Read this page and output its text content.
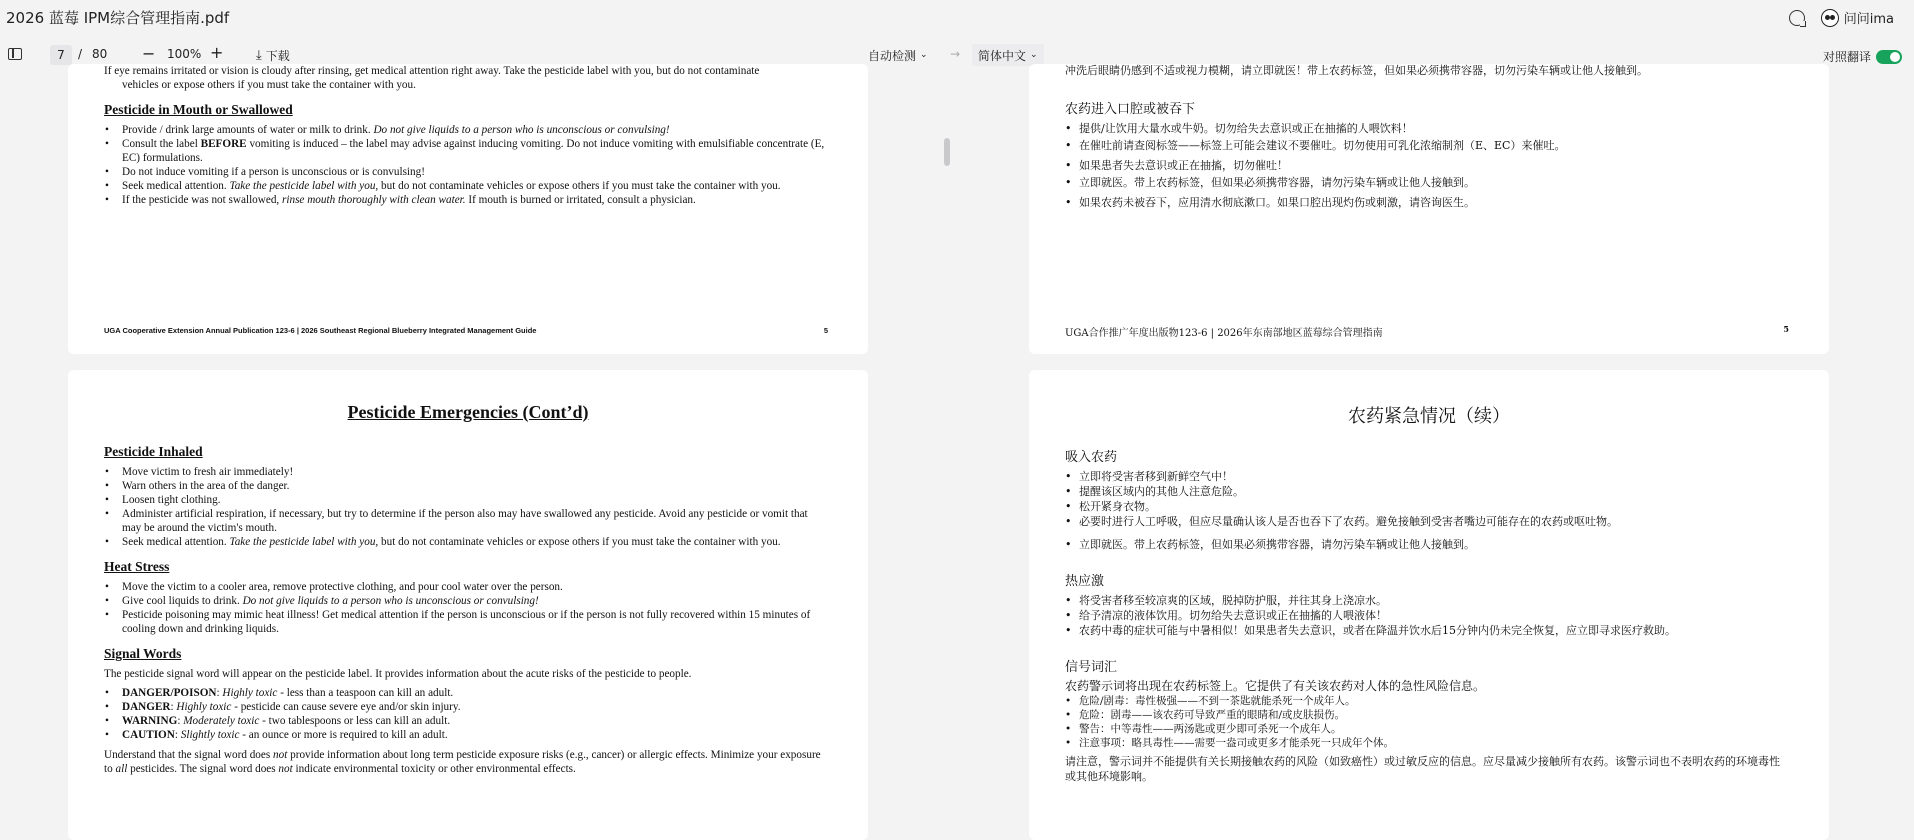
2026 蓝莓 IPM综合管理指南.pdf	问问ima
7	/ 80 − 100% +	⤓ 下载	自动检测 ⌄ → 简体中文 ⌄	对照翻译
If eye remains irritated or vision is cloudy after rinsing, get medical attention right away. Take the pesticide label with you, but do not contaminate
vehicles or expose others if you must take the container with you.
Pesticide in Mouth or Swallowed
• Provide / drink large amounts of water or milk to drink. Do not give liquids to a person who is unconscious or convulsing!
• Consult the label BEFORE vomiting is induced – the label may advise against inducing vomiting. Do not induce vomiting with emulsifiable concentrate (E, EC) formulations.
• Do not induce vomiting if a person is unconscious or is convulsing!
• Seek medical attention. Take the pesticide label with you, but do not contaminate vehicles or expose others if you must take the container with you.
• If the pesticide was not swallowed, rinse mouth thoroughly with clean water. If mouth is burned or irritated, consult a physician.
UGA Cooperative Extension Annual Publication 123-6 | 2026 Southeast Regional Blueberry Integrated Management Guide	5
冲洗后眼睛仍感到不适或视力模糊，请立即就医！带上农药标签，但如果必须携带容器，切勿污染车辆或让他人接触到。
农药进入口腔或被吞下
• 提供/让饮用大量水或牛奶。切勿给失去意识或正在抽搐的人喂饮料！
• 在催吐前请查阅标签——标签上可能会建议不要催吐。切勿使用可乳化浓缩制剂（E、EC）来催吐。
• 如果患者失去意识或正在抽搐，切勿催吐！
• 立即就医。带上农药标签，但如果必须携带容器，请勿污染车辆或让他人接触到。
• 如果农药未被吞下，应用清水彻底漱口。如果口腔出现灼伤或刺激，请咨询医生。
UGA合作推广年度出版物123-6 | 2026年东南部地区蓝莓综合管理指南	5
Pesticide Emergencies (Cont’d)
Pesticide Inhaled
• Move victim to fresh air immediately!
• Warn others in the area of the danger.
• Loosen tight clothing.
• Administer artificial respiration, if necessary, but try to determine if the person also may have swallowed any pesticide. Avoid any pesticide or vomit that may be around the victim's mouth.
• Seek medical attention. Take the pesticide label with you, but do not contaminate vehicles or expose others if you must take the container with you.
Heat Stress
• Move the victim to a cooler area, remove protective clothing, and pour cool water over the person.
• Give cool liquids to drink. Do not give liquids to a person who is unconscious or convulsing!
• Pesticide poisoning may mimic heat illness! Get medical attention if the person is unconscious or if the person is not fully recovered within 15 minutes of cooling down and drinking liquids.
Signal Words
The pesticide signal word will appear on the pesticide label. It provides information about the acute risks of the pesticide to people.
• DANGER/POISON: Highly toxic - less than a teaspoon can kill an adult.
• DANGER: Highly toxic - pesticide can cause severe eye and/or skin injury.
• WARNING: Moderately toxic - two tablespoons or less can kill an adult.
• CAUTION: Slightly toxic - an ounce or more is required to kill an adult.
Understand that the signal word does not provide information about long term pesticide exposure risks (e.g., cancer) or allergic effects. Minimize your exposure to all pesticides. The signal word does not indicate environmental toxicity or other environmental effects.
农药紧急情况（续）
吸入农药
• 立即将受害者移到新鲜空气中！
• 提醒该区域内的其他人注意危险。
• 松开紧身衣物。
• 必要时进行人工呼吸，但应尽量确认该人是否也吞下了农药。避免接触到受害者嘴边可能存在的农药或呕吐物。
• 立即就医。带上农药标签，但如果必须携带容器，请勿污染车辆或让他人接触到。
热应激
• 将受害者移至较凉爽的区域，脱掉防护服，并往其身上浇凉水。
• 给予清凉的液体饮用。切勿给失去意识或正在抽搐的人喂液体！
• 农药中毒的症状可能与中暑相似！如果患者失去意识，或者在降温并饮水后15分钟内仍未完全恢复，应立即寻求医疗救助。
信号词汇
农药警示词将出现在农药标签上。它提供了有关该农药对人体的急性风险信息。
• 危险/剧毒：毒性极强——不到一茶匙就能杀死一个成年人。
• 危险：剧毒——该农药可导致严重的眼睛和/或皮肤损伤。
• 警告：中等毒性——两汤匙或更少即可杀死一个成年人。
• 注意事项：略具毒性——需要一盎司或更多才能杀死一只成年个体。
请注意，警示词并不能提供有关长期接触农药的风险（如致癌性）或过敏反应的信息。应尽量减少接触所有农药。该警示词也不表明农药的环境毒性或其他环境影响。
